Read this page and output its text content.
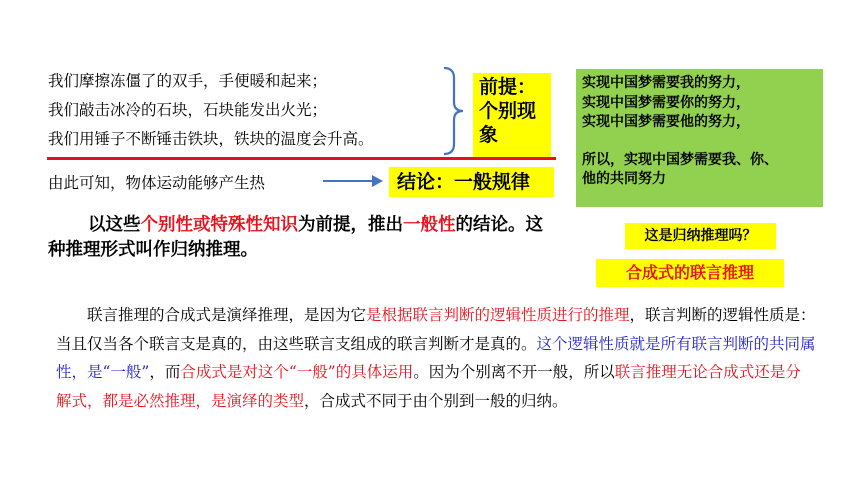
我们摩擦冻僵了的双手，手便暖和起来；
我们敲击冰冷的石块，石块能发出火光；
我们用锤子不断锤击铁块，铁块的温度会升高。
前提：
个别现
象
由此可知，物体运动能够产生热	结论：一般规律
实现中国梦需要我的努力，
实现中国梦需要你的努力，
实现中国梦需要他的努力，
所以，实现中国梦需要我、你、
他的共同努力
以这些个别性或特殊性知识为前提，推出一般性的结论。这种推理形式叫作归纳推理。
这是归纳推理吗？
合成式的联言推理
联言推理的合成式是演绎推理，是因为它是根据联言判断的逻辑性质进行的推理，联言判断的逻辑性质是：当且仅当各个联言支是真的，由这些联言支组成的联言判断才是真的。这个逻辑性质就是所有联言判断的共同属性，是“一般”，而合成式是对这个“一般”的具体运用。因为个别离不开一般，所以联言推理无论合成式还是分解式，都是必然推理，是演绎的类型，合成式不同于由个别到一般的归纳。
